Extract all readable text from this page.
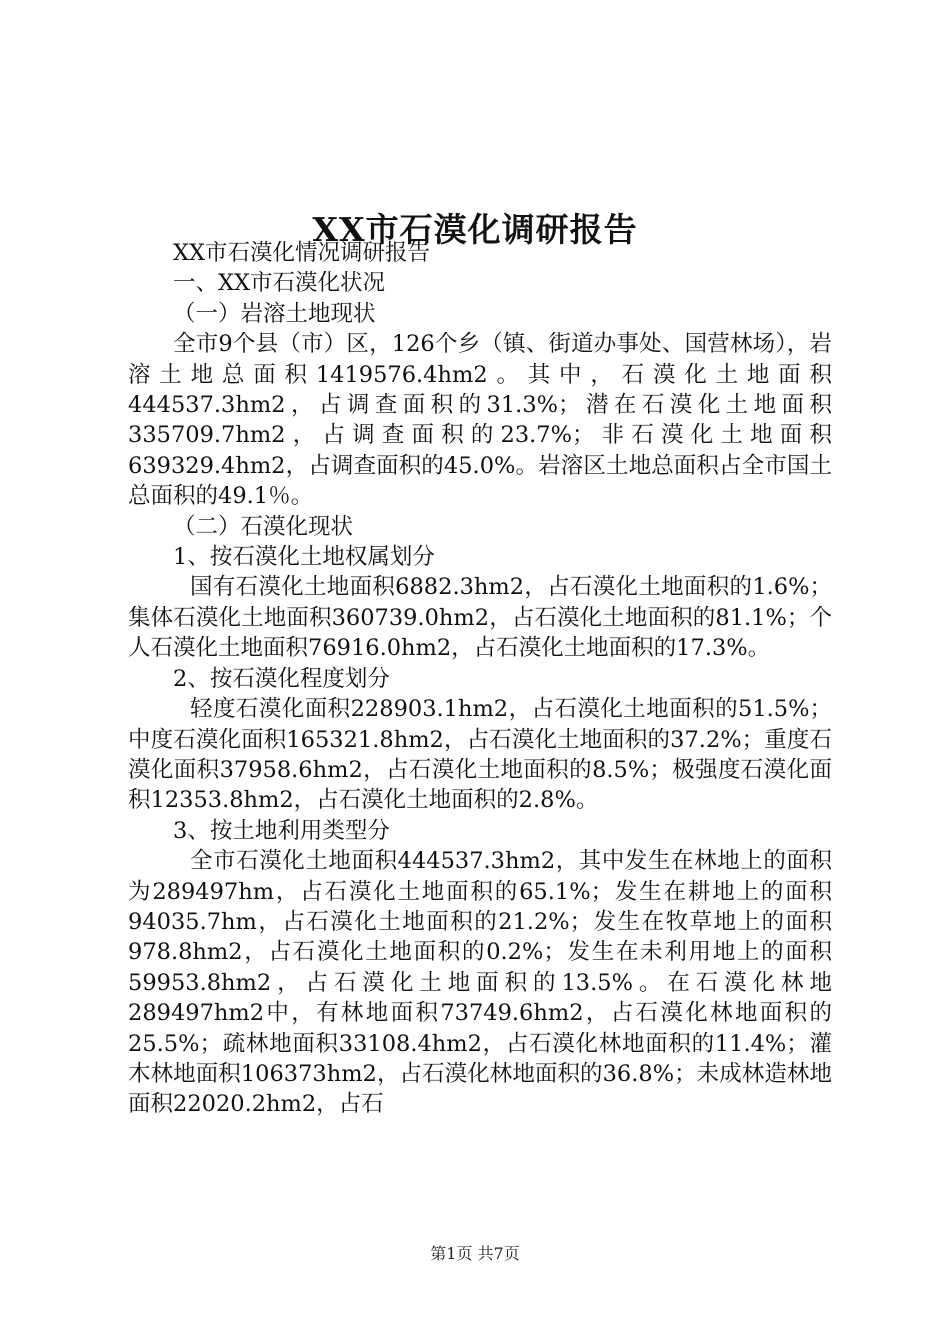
XX市石漠化调研报告

XX市石漠化情况调研报告

一、XX市石漠化状况

（一）岩溶土地现状

全市9个县（市）区，126个乡（镇、街道办事处、国营林场），岩溶土地总面积1419576.4hm2。其中，石漠化土地面积444537.3hm2，占调查面积的31.3%；潜在石漠化土地面积335709.7hm2，占调查面积的23.7%；非石漠化土地面积639329.4hm2，占调查面积的45.0%。岩溶区土地总面积占全市国土总面积的49.1％。

（二）石漠化现状

1、按石漠化土地权属划分

国有石漠化土地面积6882.3hm2，占石漠化土地面积的1.6%；集体石漠化土地面积360739.0hm2，占石漠化土地面积的81.1%；个人石漠化土地面积76916.0hm2，占石漠化土地面积的17.3%。

2、按石漠化程度划分

轻度石漠化面积228903.1hm2，占石漠化土地面积的51.5%；中度石漠化面积165321.8hm2，占石漠化土地面积的37.2%；重度石漠化面积37958.6hm2，占石漠化土地面积的8.5%；极强度石漠化面积12353.8hm2，占石漠化土地面积的2.8%。

3、按土地利用类型分

全市石漠化土地面积444537.3hm2，其中发生在林地上的面积为289497hm，占石漠化土地面积的65.1%；发生在耕地上的面积94035.7hm，占石漠化土地面积的21.2%；发生在牧草地上的面积978.8hm2，占石漠化土地面积的0.2%；发生在未利用地上的面积59953.8hm2，占石漠化土地面积的13.5%。在石漠化林地289497hm2中，有林地面积73749.6hm2，占石漠化林地面积的25.5%；疏林地面积33108.4hm2，占石漠化林地面积的11.4%；灌木林地面积106373hm2，占石漠化林地面积的36.8%；未成林造林地面积22020.2hm2，占石

第1页 共7页
